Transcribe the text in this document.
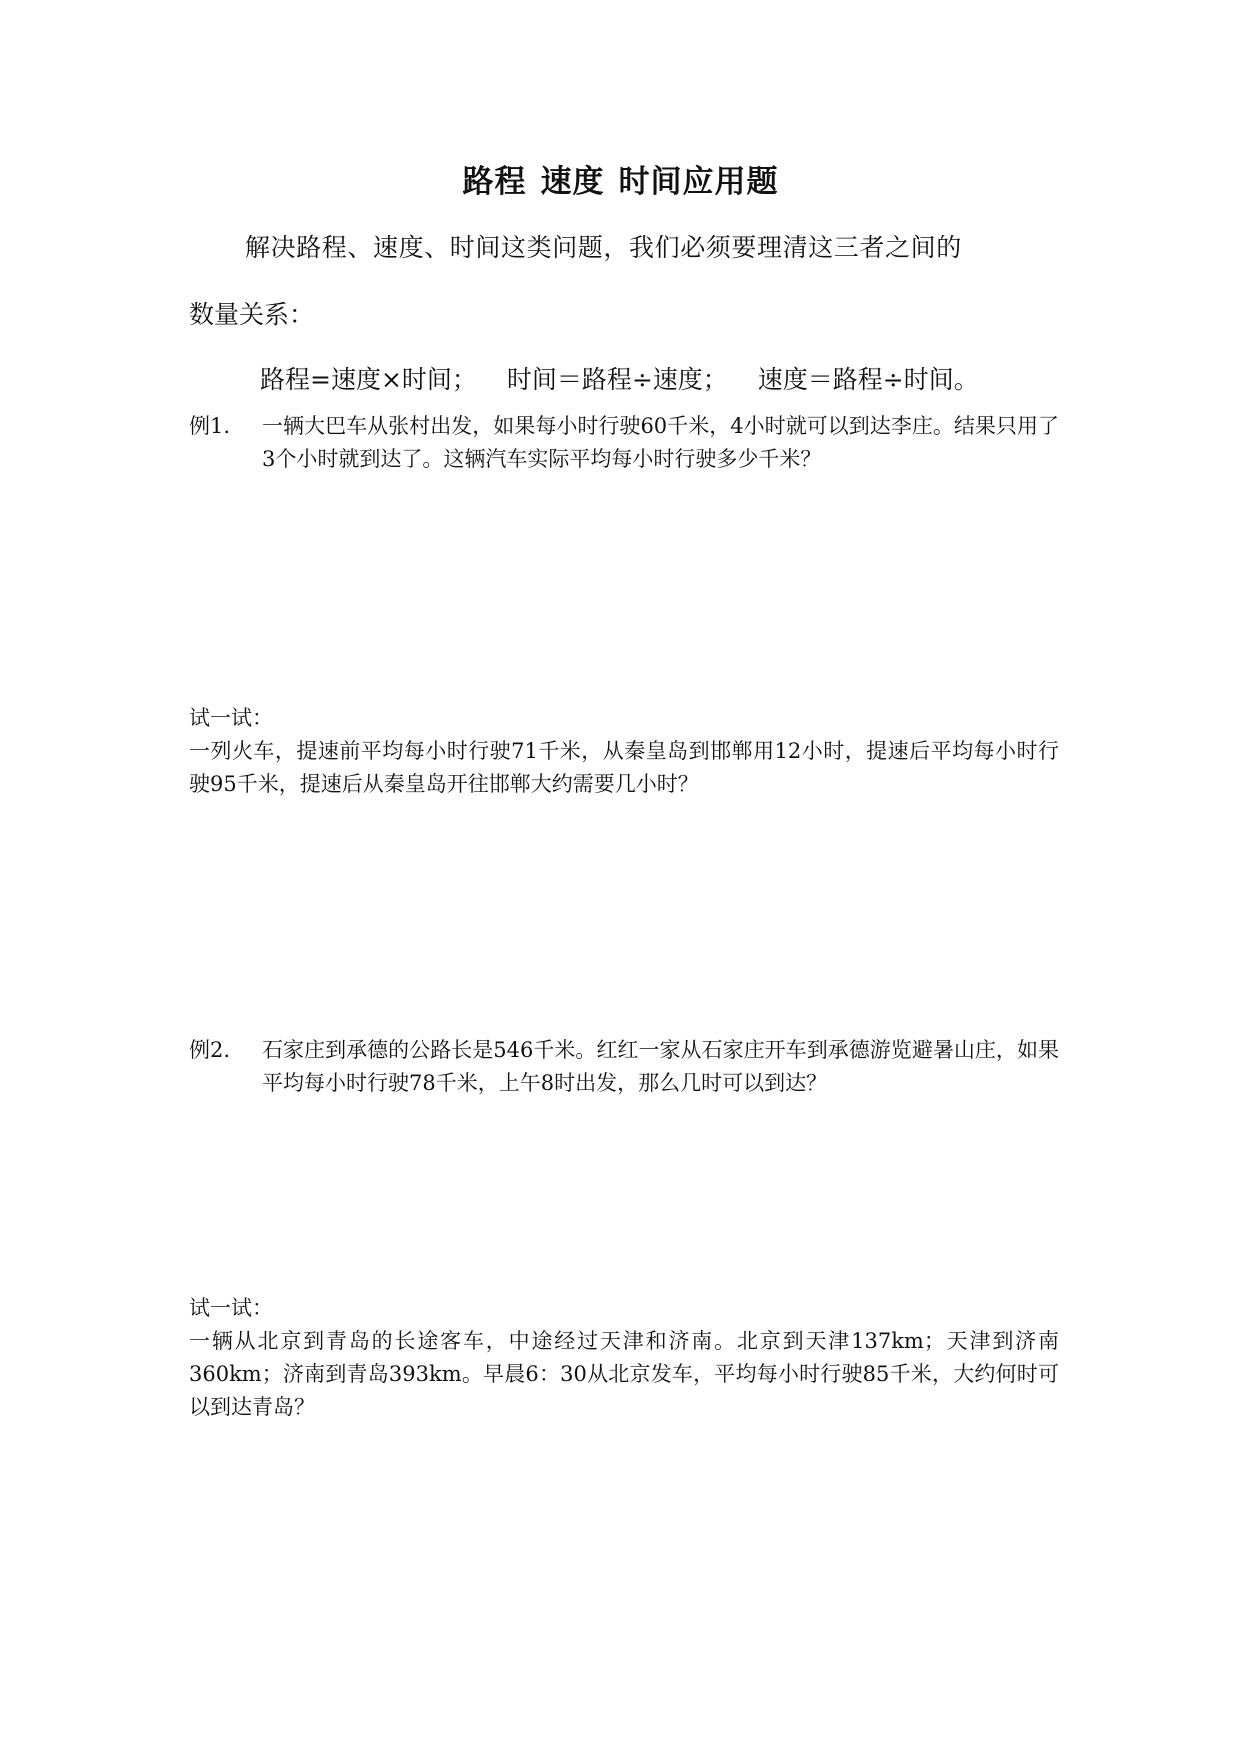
路程 速度 时间应用题
解决路程、速度、时间这类问题，我们必须要理清这三者之间的
数量关系：
路程=速度×时间； 时间＝路程÷速度； 速度＝路程÷时间。
例1. 一辆大巴车从张村出发，如果每小时行驶60千米，4小时就可以到达李庄。结果只用了3个小时就到达了。这辆汽车实际平均每小时行驶多少千米？
试一试：
一列火车，提速前平均每小时行驶71千米，从秦皇岛到邯郸用12小时，提速后平均每小时行驶95千米，提速后从秦皇岛开往邯郸大约需要几小时？
例2. 石家庄到承德的公路长是546千米。红红一家从石家庄开车到承德游览避暑山庄，如果平均每小时行驶78千米，上午8时出发，那么几时可以到达？
试一试：
一辆从北京到青岛的长途客车，中途经过天津和济南。北京到天津137km；天津到济南360km；济南到青岛393km。早晨6：30从北京发车，平均每小时行驶85千米，大约何时可以到达青岛？
